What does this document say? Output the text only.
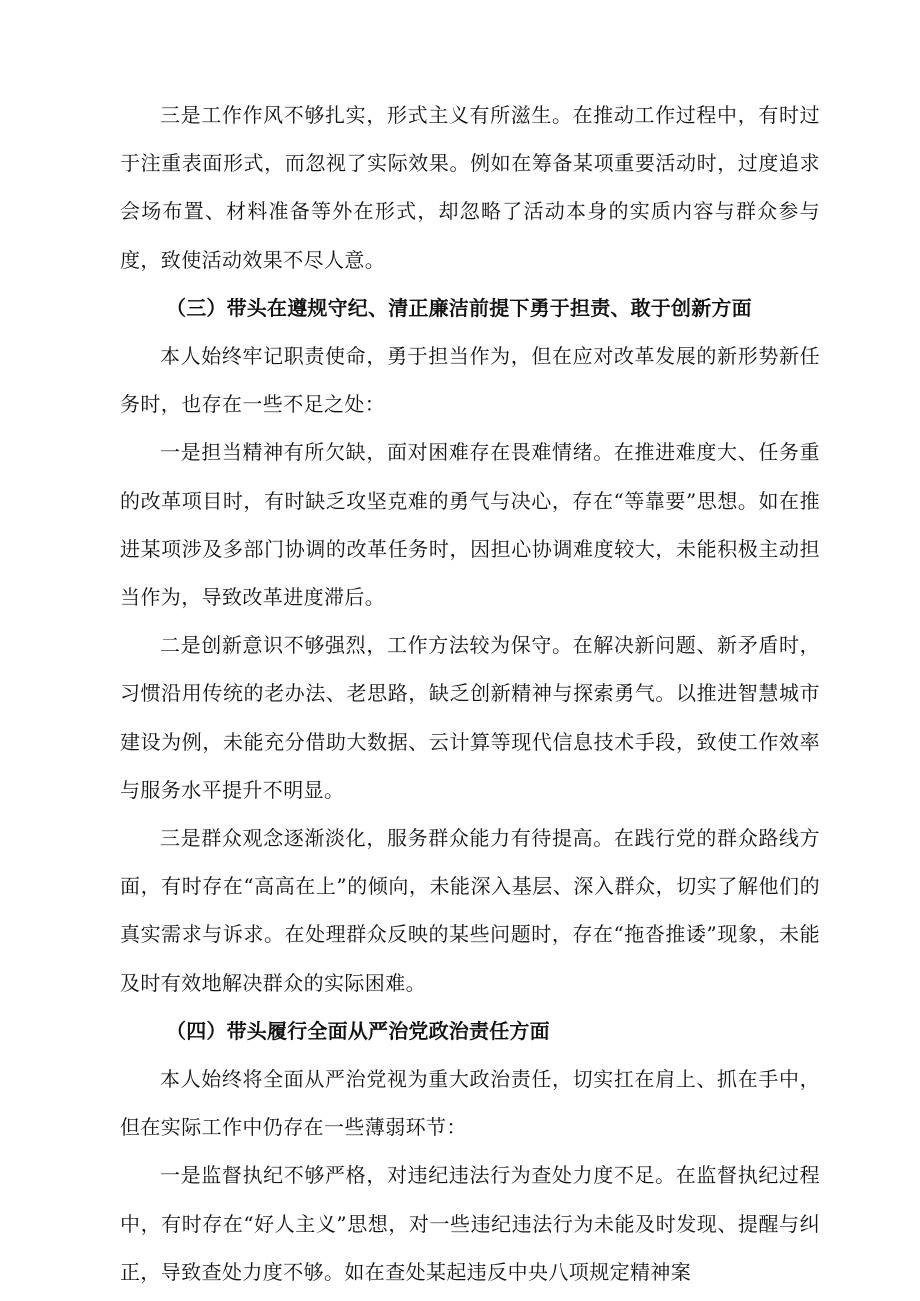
三是工作作风不够扎实，形式主义有所滋生。在推动工作过程中，有时过于注重表面形式，而忽视了实际效果。例如在筹备某项重要活动时，过度追求会场布置、材料准备等外在形式，却忽略了活动本身的实质内容与群众参与度，致使活动效果不尽人意。

（三）带头在遵规守纪、清正廉洁前提下勇于担责、敢于创新方面

本人始终牢记职责使命，勇于担当作为，但在应对改革发展的新形势新任务时，也存在一些不足之处：

一是担当精神有所欠缺，面对困难存在畏难情绪。在推进难度大、任务重的改革项目时，有时缺乏攻坚克难的勇气与决心，存在“等靠要”思想。如在推进某项涉及多部门协调的改革任务时，因担心协调难度较大，未能积极主动担当作为，导致改革进度滞后。

二是创新意识不够强烈，工作方法较为保守。在解决新问题、新矛盾时，习惯沿用传统的老办法、老思路，缺乏创新精神与探索勇气。以推进智慧城市建设为例，未能充分借助大数据、云计算等现代信息技术手段，致使工作效率与服务水平提升不明显。

三是群众观念逐渐淡化，服务群众能力有待提高。在践行党的群众路线方面，有时存在“高高在上”的倾向，未能深入基层、深入群众，切实了解他们的真实需求与诉求。在处理群众反映的某些问题时，存在“拖沓推诿”现象，未能及时有效地解决群众的实际困难。

（四）带头履行全面从严治党政治责任方面

本人始终将全面从严治党视为重大政治责任，切实扛在肩上、抓在手中，但在实际工作中仍存在一些薄弱环节：

一是监督执纪不够严格，对违纪违法行为查处力度不足。在监督执纪过程中，有时存在“好人主义”思想，对一些违纪违法行为未能及时发现、提醒与纠正，导致查处力度不够。如在查处某起违反中央八项规定精神案
